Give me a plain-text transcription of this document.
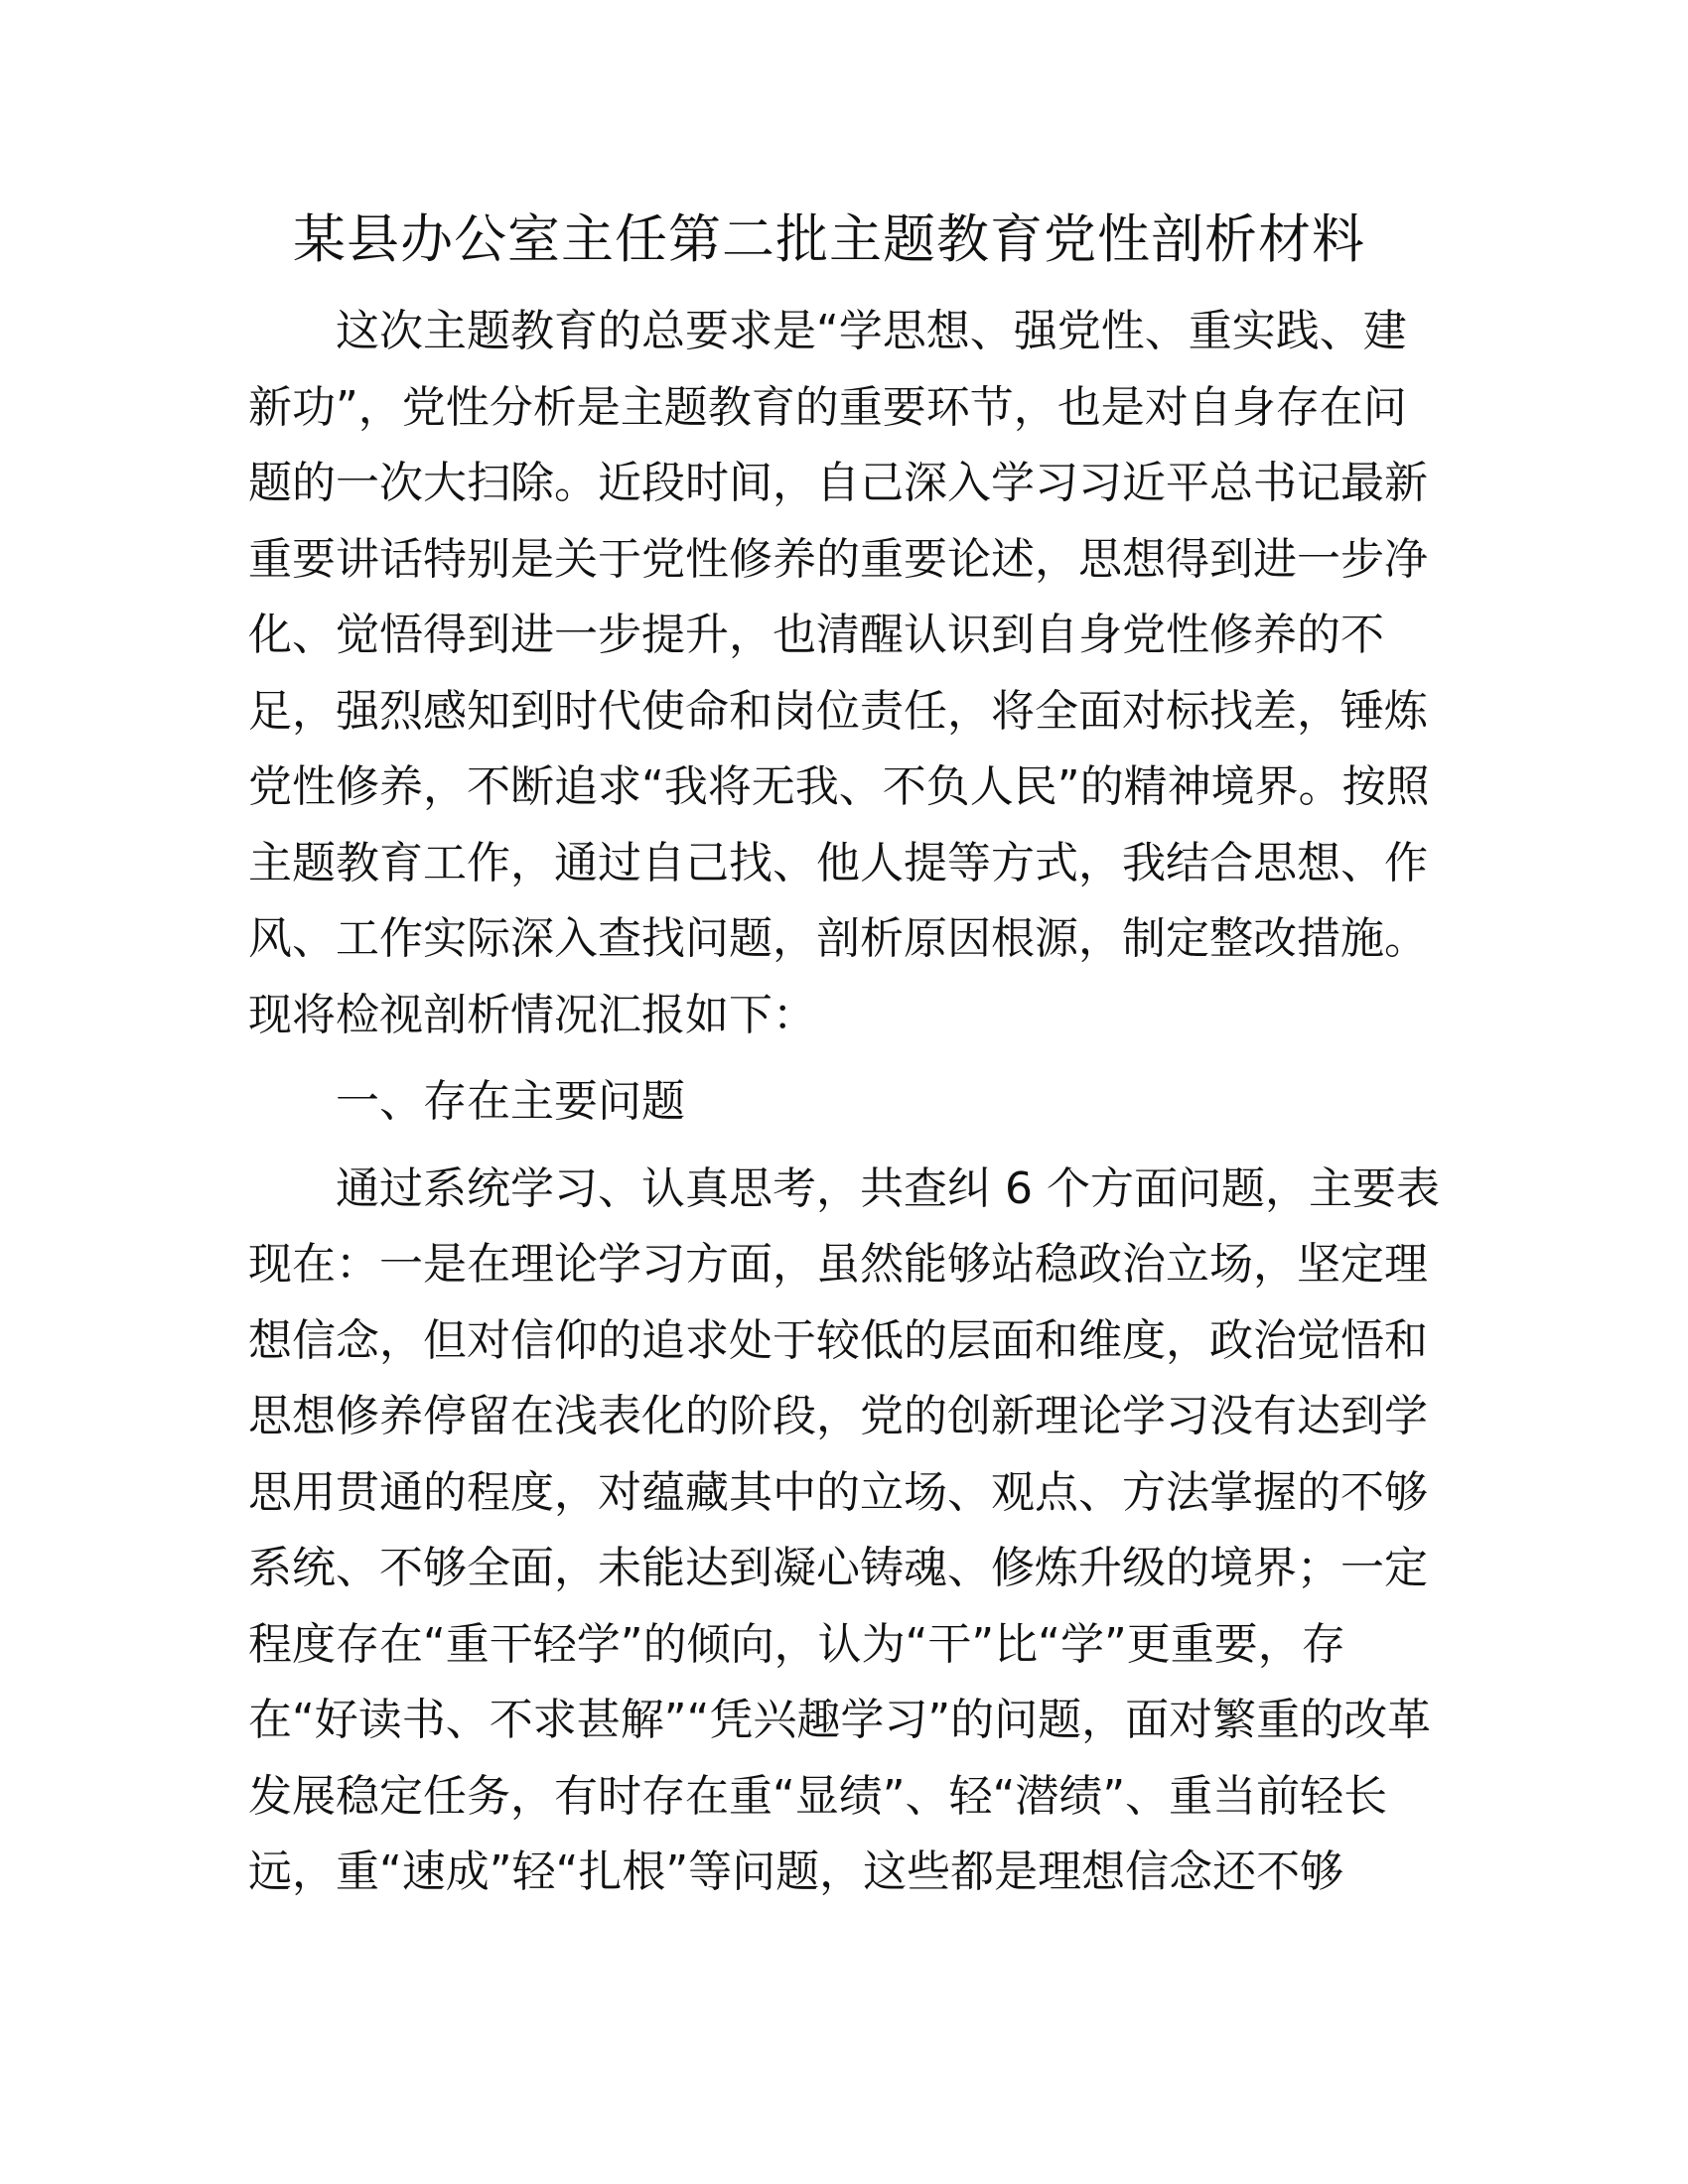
某县办公室主任第二批主题教育党性剖析材料

这次主题教育的总要求是“学思想、强党性、重实践、建新功”，党性分析是主题教育的重要环节，也是对自身存在问题的一次大扫除。近段时间，自己深入学习习近平总书记最新重要讲话特别是关于党性修养的重要论述，思想得到进一步净化、觉悟得到进一步提升，也清醒认识到自身党性修养的不足，强烈感知到时代使命和岗位责任，将全面对标找差，锤炼党性修养，不断追求“我将无我、不负人民”的精神境界。按照主题教育工作，通过自己找、他人提等方式，我结合思想、作风、工作实际深入查找问题，剖析原因根源，制定整改措施。现将检视剖析情况汇报如下：

一、存在主要问题

通过系统学习、认真思考，共查纠 6 个方面问题，主要表现在：一是在理论学习方面，虽然能够站稳政治立场，坚定理想信念，但对信仰的追求处于较低的层面和维度，政治觉悟和思想修养停留在浅表化的阶段，党的创新理论学习没有达到学思用贯通的程度，对蕴藏其中的立场、观点、方法掌握的不够系统、不够全面，未能达到凝心铸魂、修炼升级的境界；一定程度存在“重干轻学”的倾向，认为“干”比“学”更重要，存在“好读书、不求甚解”“凭兴趣学习”的问题，面对繁重的改革发展稳定任务，有时存在重“显绩”、轻“潜绩”、重当前轻长远，重“速成”轻“扎根”等问题，这些都是理想信念还不够
